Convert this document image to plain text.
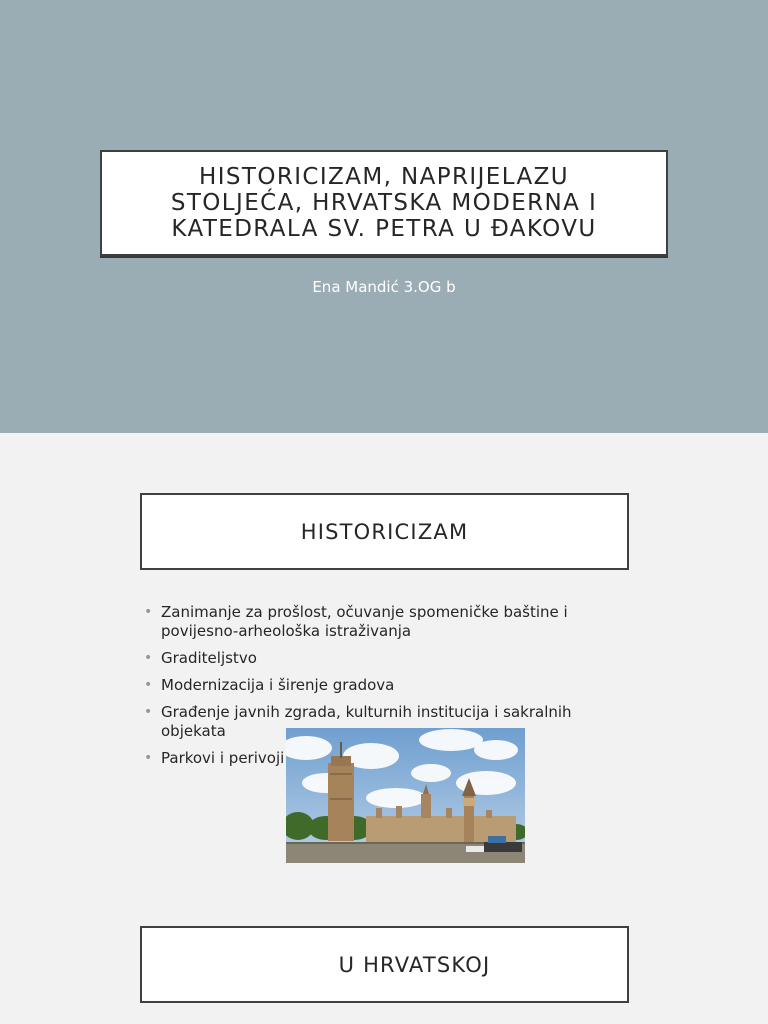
HISTORICIZAM, NAPRIJELAZU
STOLJEĆA, HRVATSKA MODERNA I
KATEDRALA SV. PETRA U ĐAKOVU
Ena Mandić 3.OG b
HISTORICIZAM
• Zanimanje za prošlost, očuvanje spomeničke baštine i
povijesno-arheološka istraživanja
• Graditeljstvo
• Modernizacija i širenje gradova
• Građenje javnih zgrada, kulturnih institucija i sakralnih
objekata
• Parkovi i perivoji
U HRVATSKOJ
